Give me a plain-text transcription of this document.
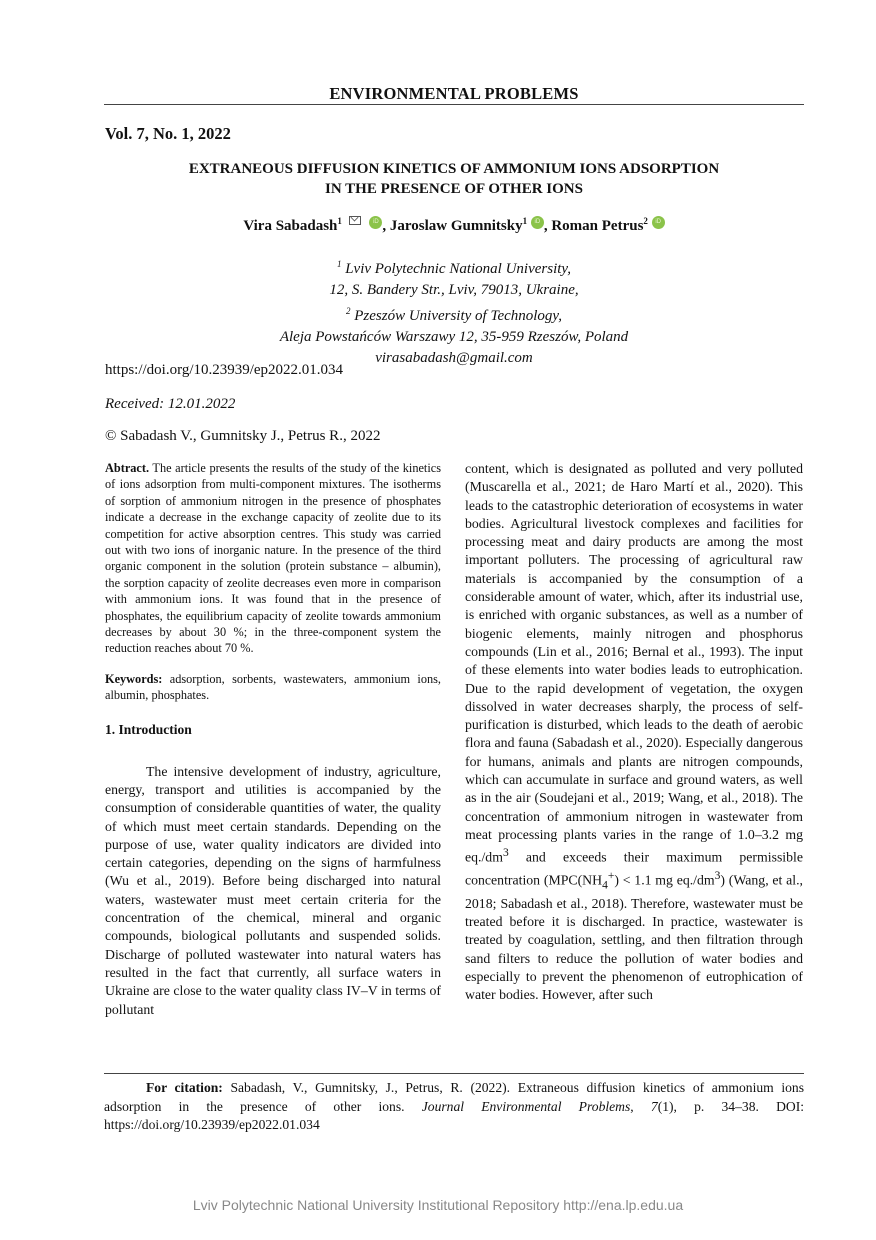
ENVIRONMENTAL PROBLEMS
Vol. 7, No. 1, 2022
EXTRANEOUS DIFFUSION KINETICS OF AMMONIUM IONS ADSORPTION
IN THE PRESENCE OF OTHER IONS
Vira Sabadash$^1$	iD , Jaroslaw Gumnitsky$^1$ iD , Roman Petrus$^2$ iD
$^1$ Lviv Polytechnic National University,
12, S. Bandery Str., Lviv, 79013, Ukraine,
$^2$ Pzeszów University of Technology,
Aleja Powstańców Warszawy 12, 35-959 Rzeszów, Poland
virasabadash@gmail.com
https://doi.org/10.23939/ep2022.01.034
Received: 12.01.2022
© Sabadash V., Gumnitsky J., Petrus R., 2022

Abtract. The article presents the results of the study of the kinetics of ions adsorption from multi-component mixtures. The isotherms of sorption of ammonium nitrogen in the presence of phosphates indicate a decrease in the exchange capacity of zeolite due to its competition for active absorption centres. This study was carried out with two ions of inorganic nature. In the presence of the third organic component in the solution (protein substance – albumin), the sorption capacity of zeolite decreases even more in comparison with ammonium ions. It was found that in the presence of phosphates, the equilibrium capacity of zeolite towards ammonium decreases by about 30 %; in the three-component system the reduction reaches about 70 %.

Keywords: adsorption, sorbents, wastewaters, ammonium ions, albumin, phosphates.

1. Introduction

The intensive development of industry, agriculture, energy, transport and utilities is accompanied by the consumption of considerable quantities of water, the quality of which must meet certain standards. Depending on the purpose of use, water quality indicators are divided into certain categories, depending on the signs of harmfulness (Wu et al., 2019). Before being discharged into natural waters, wastewater must meet certain criteria for the concentration of the chemical, mineral and organic compounds, biological pollutants and suspended solids. Discharge of polluted wastewater into natural waters has resulted in the fact that currently, all surface waters in Ukraine are close to the water quality class IV–V in terms of pollutant

content, which is designated as polluted and very polluted (Muscarella et al., 2021; de Haro Martí et al., 2020). This leads to the catastrophic deterioration of ecosystems in water bodies. Agricultural livestock complexes and facilities for processing meat and dairy products are among the most important polluters. The processing of agricultural raw materials is accompanied by the consumption of a considerable amount of water, which, after its industrial use, is enriched with organic substances, as well as a number of biogenic elements, mainly nitrogen and phosphorus compounds (Lin et al., 2016; Bernal et al., 1993). The input of these elements into water bodies leads to eutrophication. Due to the rapid development of vegetation, the oxygen dissolved in water decreases sharply, the process of self-purification is disturbed, which leads to the death of aerobic flora and fauna (Sabadash et al., 2020). Especially dangerous for humans, animals and plants are nitrogen compounds, which can accumulate in surface and ground waters, as well as in the air (Soudejani et al., 2019; Wang, et al., 2018). The concentration of ammonium nitrogen in wastewater from meat processing plants varies in the range of 1.0–3.2 mg $eq./dm^3$ and exceeds their maximum permissible concentration ($MPC(NH_4^+) < 1.1$ mg $eq./dm^3$) (Wang, et al., 2018; Sabadash et al., 2018). Therefore, wastewater must be treated before it is discharged. In practice, wastewater is treated by coagulation, settling, and then filtration through sand filters to reduce the pollution of water bodies and especially to prevent the phenomenon of eutrophication of water bodies. However, after such

For citation: Sabadash, V., Gumnitsky, J., Petrus, R. (2022). Extraneous diffusion kinetics of ammonium ions adsorption in the presence of other ions. Journal Environmental Problems, 7(1), p. 34–38. DOI: https://doi.org/10.23939/ep2022.01.034
Lviv Polytechnic National University Institutional Repository http://ena.lp.edu.ua
